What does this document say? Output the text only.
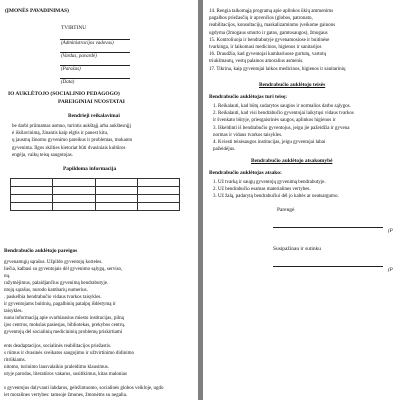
(ĮMONĖS PAVADINIMAS)
TVIRTINU
(Administracijos vadovas)
(Vardas, pavardė)
(Parašas)
(Data)
IO AUKLĖTOJO (SOCIALINIO PEDAGOGO)
PAREIGINIAI NUOSTATAI
Bendrieji reikalavimai
be darbi priimamas asmuo, turintis aukštąjį arba aukštesnįjį
ė išsilavinimą, žinantis kaip elgtis ir panest kitu,
ų jausmų žinomu gyvenimo pareikus ir problemas, mokanto
gyvenima. Ilgos skilties kietoriat būti dvasiniais kultūros
engėja, vaikų teisų saugotojas.
Papildoma informacija

Bendrabučio auklėtojo pareigos
gyvenamųjų sąrašus. Užpildo gyventojų korteles.
liečia, kalbasi su gyventojais dėl gyvenimo sąlygų, serviso,
nų.
ražymėjimus, palaidjančius gyvenimą bendrabutyje.
ntojų sąrašus, nurodo kambarių numerius.
. paskelbia bendrabučio vidaus tvarkos taisykles.
ir gyventojams buitinių, pagalbinių patalpų išdėstymą ir
taisykles.
nunu informaciją apie svarbiausius miesto institucijas, pilną
ijos centrus, mokslas pasiesįas, bibliotekas, prekybos centrų.
gyventojų dėl socialinių medicininių problemų priskirtiami
ents deadaptacijos, socialinės reabilitacijos priežastis.
s rūmus ir dvasinės sveikatos saugojimo ir užtvirtinimo didinimo
ritrūkiams.
nitomo, turinimo lausvalaikio praleidimo klausimus.
utyje parodas, literatūros vakarus, susitikimus, kitas malonias
s gyventojus dalyvauti labdaros, geležintuomo, socialinės globos veikloje, ugdo
iet moralines vertybes: tamsoje žmones, žmonėms su negalia.
14. Rengia taikomąją programą apie aplinkos ūkių ammenims
pagalbos priežasčių ir apvenčios (globos, patronato,
reabilitacijos, konsultacijų, maskalizaminmo įveikome gainons
ugdyma (žmogaus smurto ir gatos, gamtosaugos), žmogaus
15. Kontroliuoja ir bendrabutyje gyvenamosiose ir buitinėse
tvarkinga, ir laikomasi medicinos, higienos ir sanitarijos
16. Draudžia, kad gyventojai kambariuose gurtutų, vartotų
triukšmautų, vestų palainos amoralius asmenis.
17. Tikrina, kaip gyventojai laikos medicinos, higienos ir sanitarinių
Bendrabučio auklėtojo teisės
Bendrabučio auklėtojas turi teisę:
1. Reikalauti, kad būtų sudarytos saugios ir normalios darbo sąlygos.
2. Reikalauti, kad visi bendrabučio gyventojai laikytųsi vidaus tvarkos
ir švenkato būtyje, priesgaisrinės saugos, aplinkos higienos ir
3. Iškeldinti iš bendrabučio gyventojus, jeigu jie pažeidžia ir gyvena
normas ir vidaus tvarkos taisykles.
4. Kviesti teisėsaugos institucijas, jeigu gyventojai labai
pažeidėjus.
Bendrabučio auklėtojo atsakomybė
Bendrabučio auklėtojas atsako:
1. Už tvarką ir saugų gyventojų gyvenimą bendrabutyje.
2. Už bendrabučio esamas materialines vertybes.
3. Už žalą, padarytą bendrabučiui dėl jo kaltės ar neatsargumo.
Parengė
(P
Susipažinau ir sutinku
(P
